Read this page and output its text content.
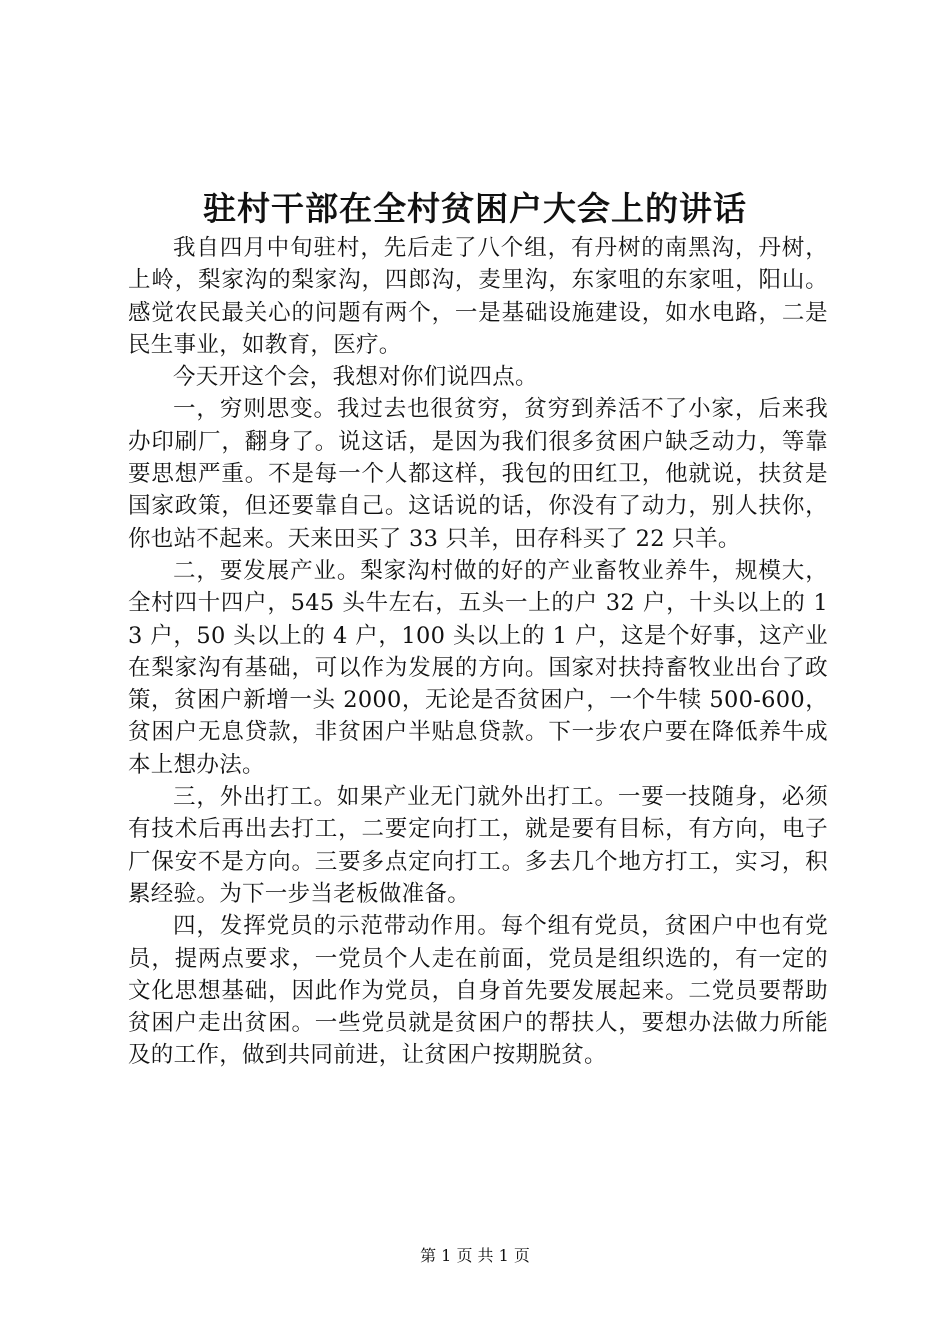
驻村干部在全村贫困户大会上的讲话

我自四月中旬驻村，先后走了八个组，有丹树的南黑沟，丹树，上岭，梨家沟的梨家沟，四郎沟，麦里沟，东家咀的东家咀，阳山。感觉农民最关心的问题有两个，一是基础设施建设，如水电路，二是民生事业，如教育，医疗。

今天开这个会，我想对你们说四点。

一，穷则思变。我过去也很贫穷，贫穷到养活不了小家，后来我办印刷厂，翻身了。说这话，是因为我们很多贫困户缺乏动力，等靠要思想严重。不是每一个人都这样，我包的田红卫，他就说，扶贫是国家政策，但还要靠自己。这话说的话，你没有了动力，别人扶你，你也站不起来。天来田买了 33 只羊，田存科买了 22 只羊。

二，要发展产业。梨家沟村做的好的产业畜牧业养牛，规模大，全村四十四户，545 头牛左右，五头一上的户 32 户，十头以上的 13 户，50 头以上的 4 户，100 头以上的 1 户，这是个好事，这产业在梨家沟有基础，可以作为发展的方向。国家对扶持畜牧业出台了政策，贫困户新增一头 2000，无论是否贫困户，一个牛犊 500-600，贫困户无息贷款，非贫困户半贴息贷款。下一步农户要在降低养牛成本上想办法。

三，外出打工。如果产业无门就外出打工。一要一技随身，必须有技术后再出去打工，二要定向打工，就是要有目标，有方向，电子厂保安不是方向。三要多点定向打工。多去几个地方打工，实习，积累经验。为下一步当老板做准备。

四，发挥党员的示范带动作用。每个组有党员，贫困户中也有党员，提两点要求，一党员个人走在前面，党员是组织选的，有一定的文化思想基础，因此作为党员，自身首先要发展起来。二党员要帮助贫困户走出贫困。一些党员就是贫困户的帮扶人，要想办法做力所能及的工作，做到共同前进，让贫困户按期脱贫。

第 1 页 共 1 页
